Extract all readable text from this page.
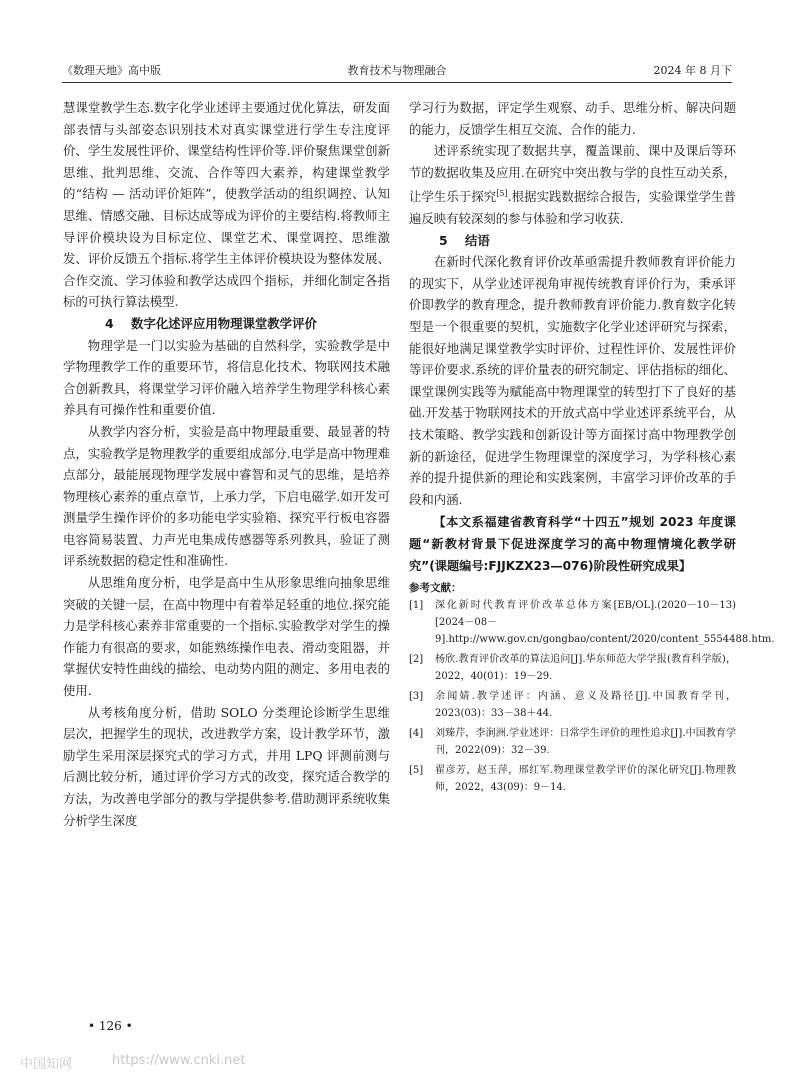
《数理天地》高中版	教育技术与物理融合	2024 年 8 月下

慧课堂教学生态.数字化学业述评主要通过优化算法，研发面部表情与头部姿态识别技术对真实课堂进行学生专注度评价、学生发展性评价、课堂结构性评价等.评价聚焦课堂创新思维、批判思维、交流、合作等四大素养，构建课堂教学的“结构 — 活动评价矩阵”，使教学活动的组织调控、认知思维、情感交融、目标达成等成为评价的主要结构.将教师主导评价模块设为目标定位、课堂艺术、课堂调控、思维激发、评价反馈五个指标.将学生主体评价模块设为整体发展、合作交流、学习体验和教学达成四个指标，并细化制定各指标的可执行算法模型.

4 数字化述评应用物理课堂教学评价

物理学是一门以实验为基础的自然科学，实验教学是中学物理教学工作的重要环节，将信息化技术、物联网技术融合创新教具，将课堂学习评价融入培养学生物理学科核心素养具有可操作性和重要价值.

从教学内容分析，实验是高中物理最重要、最显著的特点，实验教学是物理教学的重要组成部分.电学是高中物理难点部分，最能展现物理学发展中睿智和灵气的思维，是培养物理核心素养的重点章节，上承力学，下启电磁学.如开发可测量学生操作评价的多功能电学实验箱、探究平行板电容器电容简易装置、力声光电集成传感器等系列教具，验证了测评系统数据的稳定性和准确性.

从思维角度分析，电学是高中生从形象思维向抽象思维突破的关键一层，在高中物理中有着举足轻重的地位.探究能力是学科核心素养非常重要的一个指标.实验教学对学生的操作能力有很高的要求，如能熟练操作电表、滑动变阻器，并掌握伏安特性曲线的描绘、电动势内阻的测定、多用电表的使用.

从考核角度分析，借助 SOLO 分类理论诊断学生思维层次，把握学生的现状，改进教学方案，设计教学环节，激励学生采用深层探究式的学习方式，并用 LPQ 评测前测与后测比较分析，通过评价学习方式的改变，探究适合教学的方法，为改善电学部分的教与学提供参考.借助测评系统收集分析学生深度

学习行为数据，评定学生观察、动手、思维分析、解决问题的能力，反馈学生相互交流、合作的能力.

述评系统实现了数据共享，覆盖课前、课中及课后等环节的数据收集及应用.在研究中突出教与学的良性互动关系，让学生乐于探究[5].根据实践数据综合报告，实验课堂学生普遍反映有较深刻的参与体验和学习收获.

5 结语

在新时代深化教育评价改革亟需提升教师教育评价能力的现实下，从学业述评视角审视传统教育评价行为，秉承评价即教学的教育理念，提升教师教育评价能力.教育数字化转型是一个很重要的契机，实施数字化学业述评研究与探索，能很好地满足课堂教学实时评价、过程性评价、发展性评价等评价要求.系统的评价量表的研究制定、评估指标的细化、课堂课例实践等为赋能高中物理课堂的转型打下了良好的基础.开发基于物联网技术的开放式高中学业述评系统平台，从技术策略、教学实践和创新设计等方面探讨高中物理教学创新的新途径，促进学生物理课堂的深度学习，为学科核心素养的提升提供新的理论和实践案例，丰富学习评价改革的手段和内涵.

【本文系福建省教育科学“十四五”规划 2023 年度课题“新教材背景下促进深度学习的高中物理情境化教学研究”(课题编号:FJJKZX23—076)阶段性研究成果】

参考文献：
[1] 深化新时代教育评价改革总体方案[EB/OL].(2020－10－13)[2024－08－9].http://www.gov.cn/gongbao/content/2020/content_5554488.htm.
[2] 杨欣.教育评价改革的算法追问[J].华东师范大学学报(教育科学版)，2022，40(01)：19－29.
[3] 余闻婧.教学述评：内涵、意义及路径[J].中国教育学刊，2023(03)：33－38＋44.
[4] 刘臻芹，李涧洲.学业述评：日常学生评价的理性追求[J].中国教育学刊，2022(09)：32－39.
[5] 翟彦芳，赵玉萍，邢红军.物理课堂教学评价的深化研究[J].物理教师，2022，43(09)：9－14.
• 126 •
中国知网	https://www.cnki.net
